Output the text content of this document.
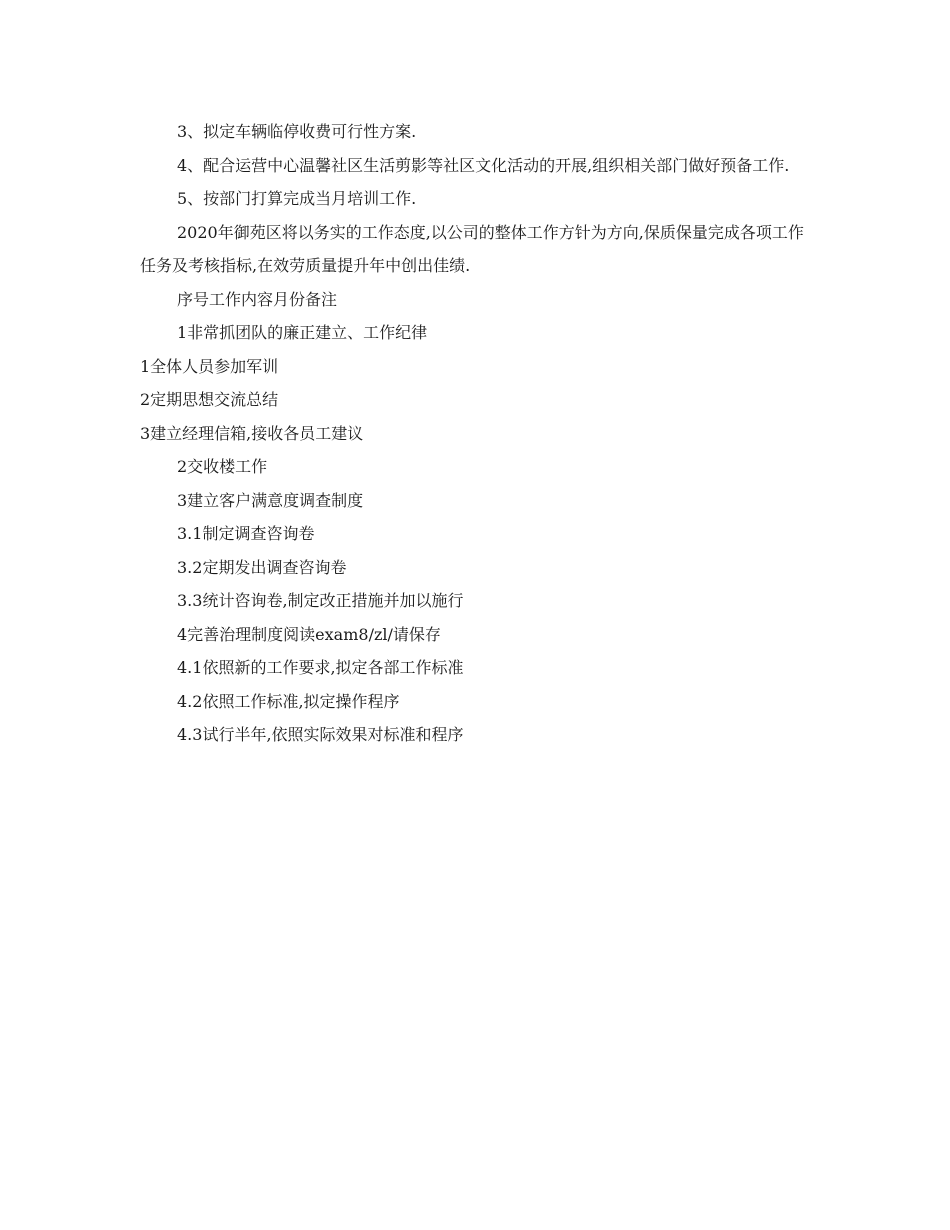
3、拟定车辆临停收费可行性方案.

4、配合运营中心温馨社区生活剪影等社区文化活动的开展,组织相关部门做好预备工作.

5、按部门打算完成当月培训工作.

2020年御苑区将以务实的工作态度,以公司的整体工作方针为方向,保质保量完成各项工作任务及考核指标,在效劳质量提升年中创出佳绩.

序号工作内容月份备注

1非常抓团队的廉正建立、工作纪律

1全体人员参加军训

2定期思想交流总结

3建立经理信箱,接收各员工建议

2交收楼工作

3建立客户满意度调查制度

3.1制定调查咨询卷

3.2定期发出调查咨询卷

3.3统计咨询卷,制定改正措施并加以施行

4完善治理制度阅读exam8/zl/请保存

4.1依照新的工作要求,拟定各部工作标准

4.2依照工作标准,拟定操作程序

4.3试行半年,依照实际效果对标准和程序
